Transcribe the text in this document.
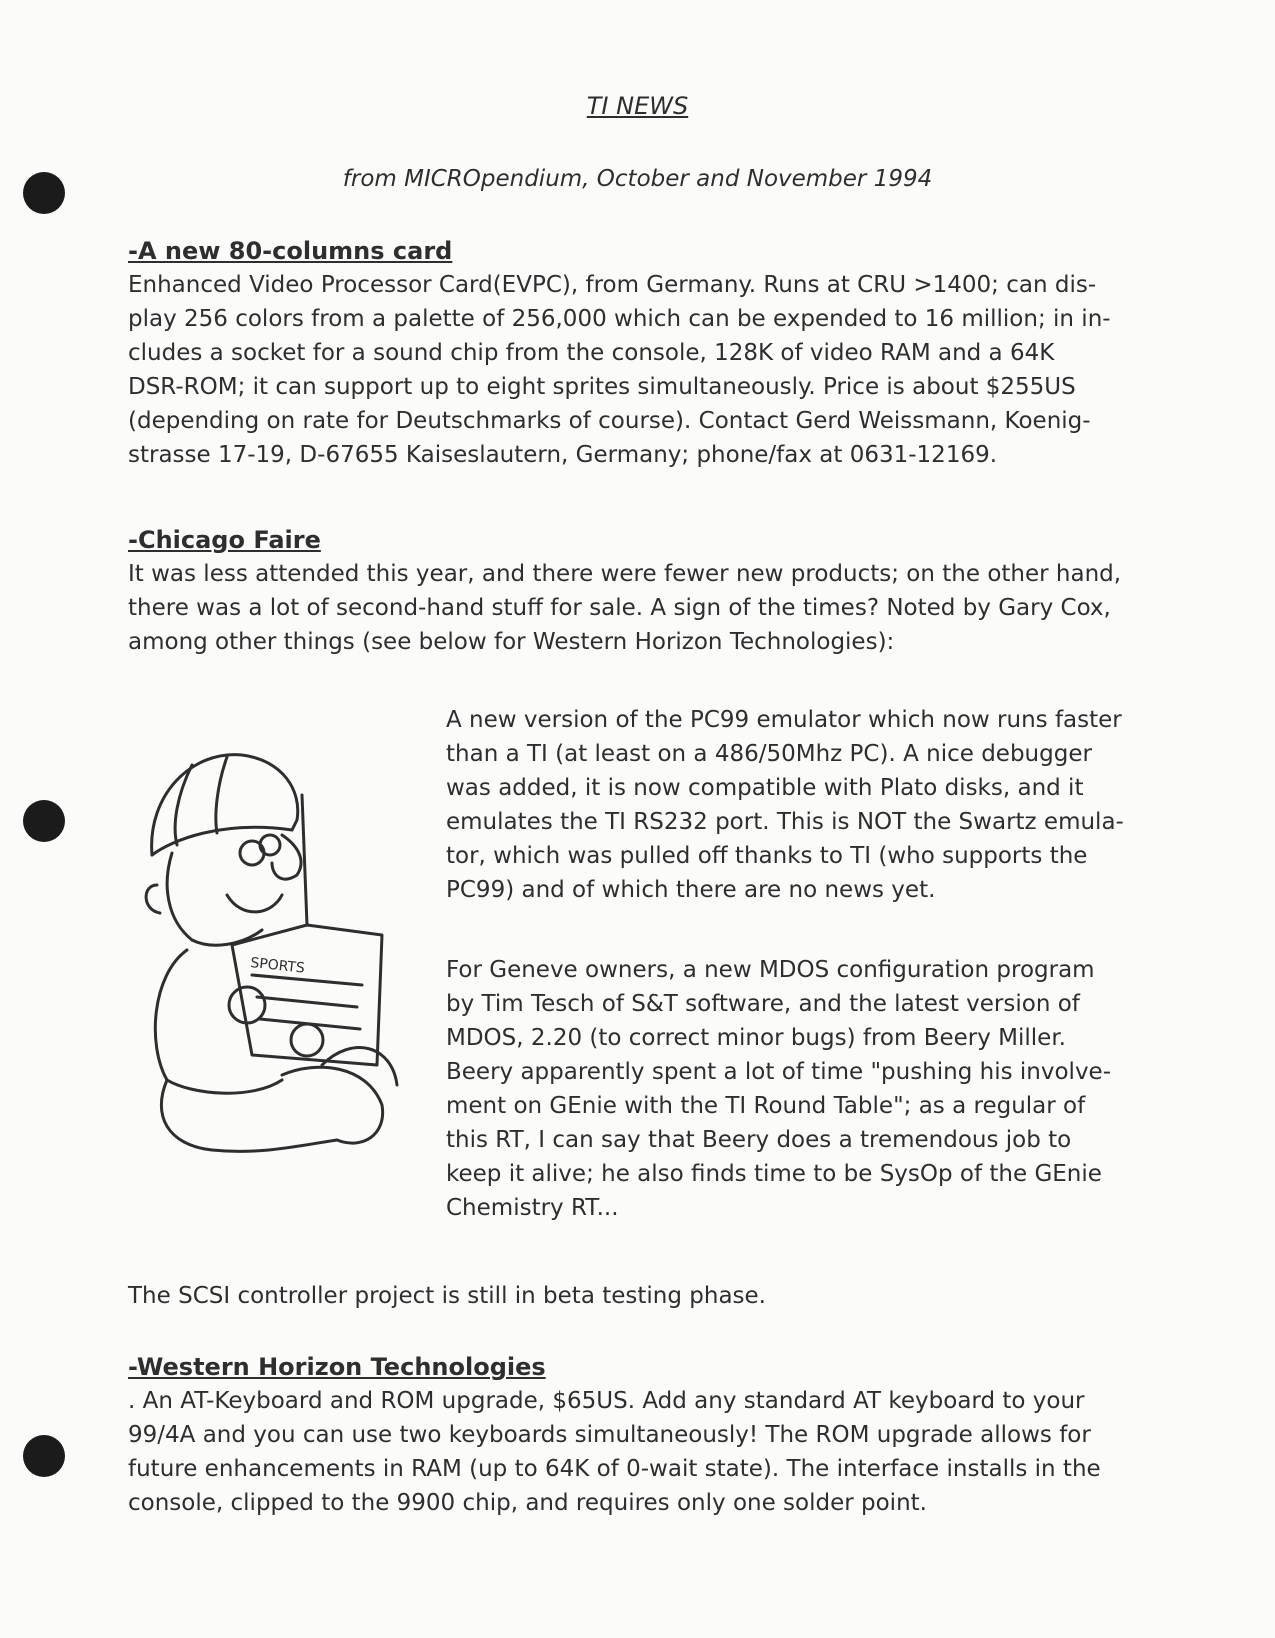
TI NEWS
from MICROpendium, October and November 1994

-A new 80-columns card

Enhanced Video Processor Card(EVPC), from Germany. Runs at CRU >1400; can dis-

play 256 colors from a palette of 256,000 which can be expended to 16 million; in in-

cludes a socket for a sound chip from the console, 128K of video RAM and a 64K

DSR-ROM; it can support up to eight sprites simultaneously. Price is about $255US

(depending on rate for Deutschmarks of course). Contact Gerd Weissmann, Koenig-

strasse 17-19, D-67655 Kaiseslautern, Germany; phone/fax at 0631-12169.

-Chicago Faire

It was less attended this year, and there were fewer new products; on the other hand,

there was a lot of second-hand stuff for sale. A sign of the times? Noted by Gary Cox,

among other things (see below for Western Horizon Technologies):

A new version of the PC99 emulator which now runs faster

than a TI (at least on a 486/50Mhz PC). A nice debugger

was added, it is now compatible with Plato disks, and it

emulates the TI RS232 port. This is NOT the Swartz emula-

tor, which was pulled off thanks to TI (who supports the

PC99) and of which there are no news yet.

For Geneve owners, a new MDOS configuration program

by Tim Tesch of S&T software, and the latest version of

MDOS, 2.20 (to correct minor bugs) from Beery Miller.

Beery apparently spent a lot of time "pushing his involve-

ment on GEnie with the TI Round Table"; as a regular of

this RT, I can say that Beery does a tremendous job to

keep it alive; he also finds time to be SysOp of the GEnie

Chemistry RT...

SPORTS

The SCSI controller project is still in beta testing phase.

-Western Horizon Technologies

. An AT-Keyboard and ROM upgrade, $65US. Add any standard AT keyboard to your

99/4A and you can use two keyboards simultaneously! The ROM upgrade allows for

future enhancements in RAM (up to 64K of 0-wait state). The interface installs in the

console, clipped to the 9900 chip, and requires only one solder point.
